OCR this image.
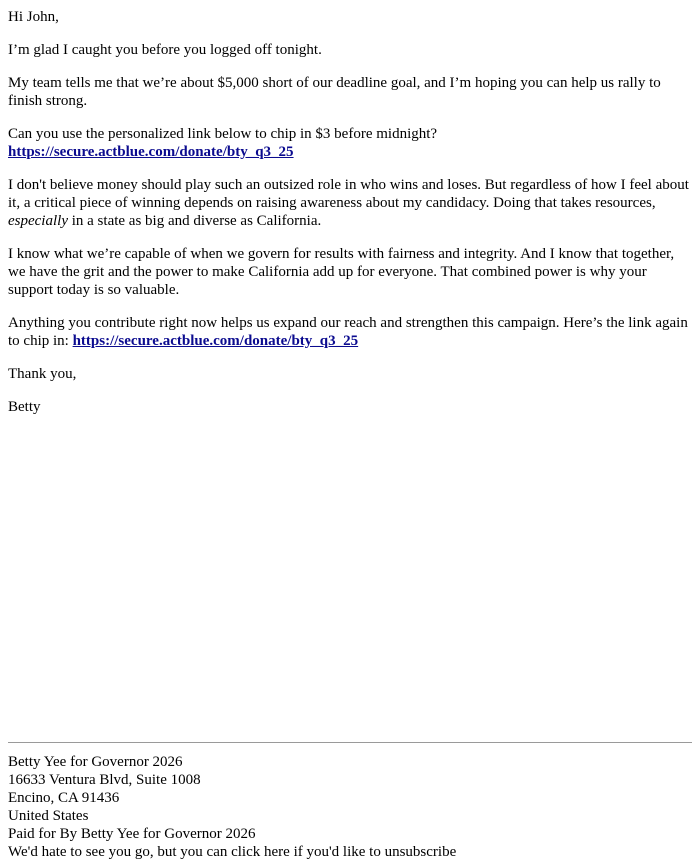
Hi John,

I’m glad I caught you before you logged off tonight.

My team tells me that we’re about $5,000 short of our deadline goal, and I’m hoping you can help us rally to finish strong.

Can you use the personalized link below to chip in $3 before midnight?
https://secure.actblue.com/donate/bty_q3_25

I don't believe money should play such an outsized role in who wins and loses. But regardless of how I feel about it, a critical piece of winning depends on raising awareness about my candidacy. Doing that takes resources, especially in a state as big and diverse as California.

I know what we’re capable of when we govern for results with fairness and integrity. And I know that together, we have the grit and the power to make California add up for everyone. That combined power is why your support today is so valuable.

Anything you contribute right now helps us expand our reach and strengthen this campaign. Here’s the link again to chip in: https://secure.actblue.com/donate/bty_q3_25

Thank you,

Betty

Betty Yee for Governor 2026
16633 Ventura Blvd, Suite 1008
Encino, CA 91436
United States
Paid for By Betty Yee for Governor 2026
We'd hate to see you go, but you can click here if you'd like to unsubscribe
